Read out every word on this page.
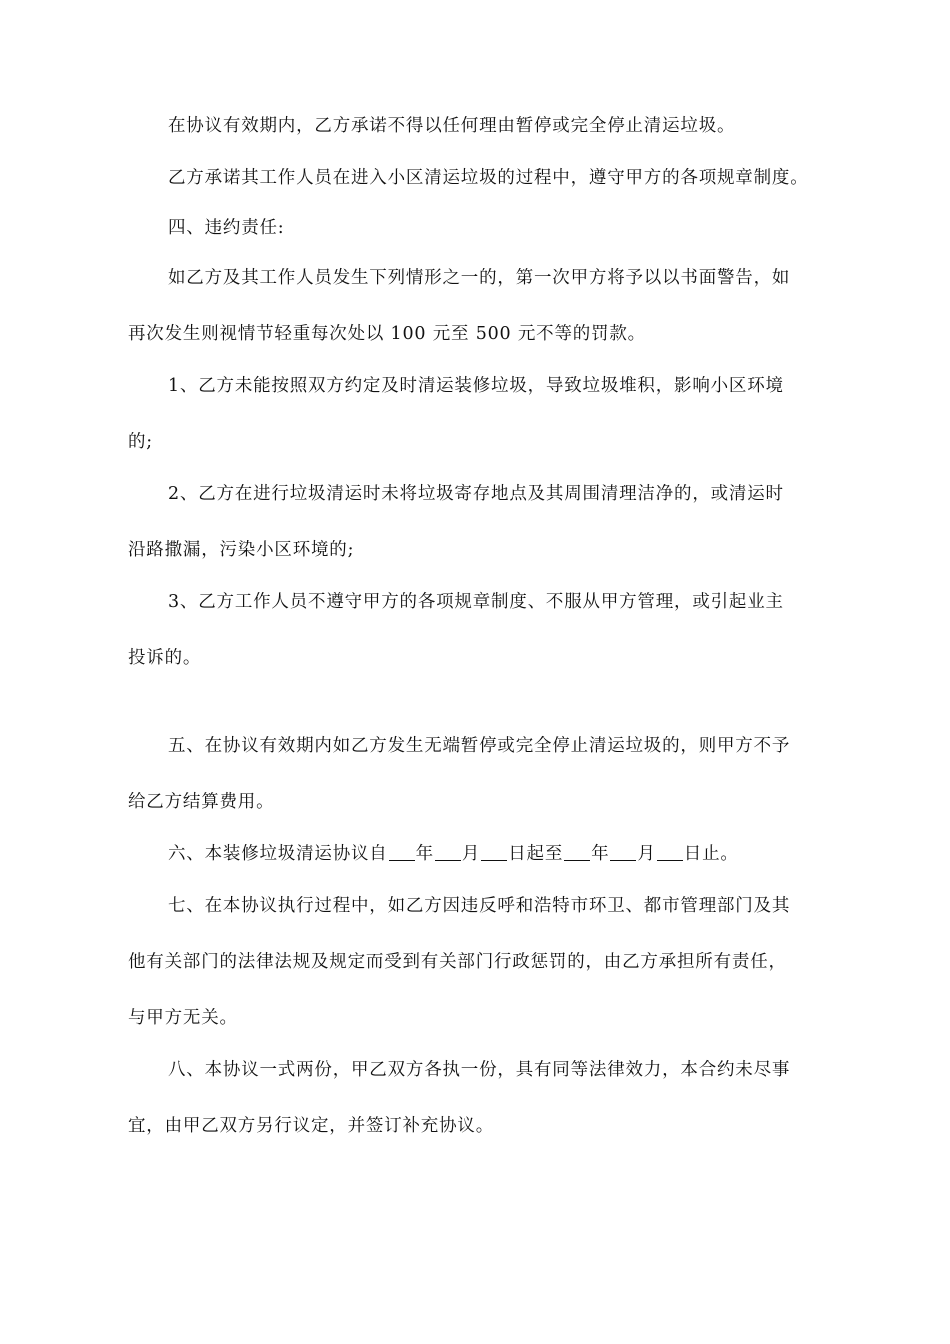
在协议有效期内，乙方承诺不得以任何理由暂停或完全停止清运垃圾。
乙方承诺其工作人员在进入小区清运垃圾的过程中，遵守甲方的各项规章制度。
四、违约责任:
如乙方及其工作人员发生下列情形之一的，第一次甲方将予以以书面警告，如
再次发生则视情节轻重每次处以 100 元至 500 元不等的罚款。
1、乙方未能按照双方约定及时清运装修垃圾，导致垃圾堆积，影响小区环境
的;
2、乙方在进行垃圾清运时未将垃圾寄存地点及其周围清理洁净的，或清运时
沿路撒漏，污染小区环境的;
3、乙方工作人员不遵守甲方的各项规章制度、不服从甲方管理，或引起业主
投诉的。
五、在协议有效期内如乙方发生无端暂停或完全停止清运垃圾的，则甲方不予
给乙方结算费用。
六、本装修垃圾清运协议自 年 月 日起至 年 月 日止。
七、在本协议执行过程中，如乙方因违反呼和浩特市环卫、都市管理部门及其
他有关部门的法律法规及规定而受到有关部门行政惩罚的，由乙方承担所有责任，
与甲方无关。
八、本协议一式两份，甲乙双方各执一份，具有同等法律效力，本合约未尽事
宜，由甲乙双方另行议定，并签订补充协议。
